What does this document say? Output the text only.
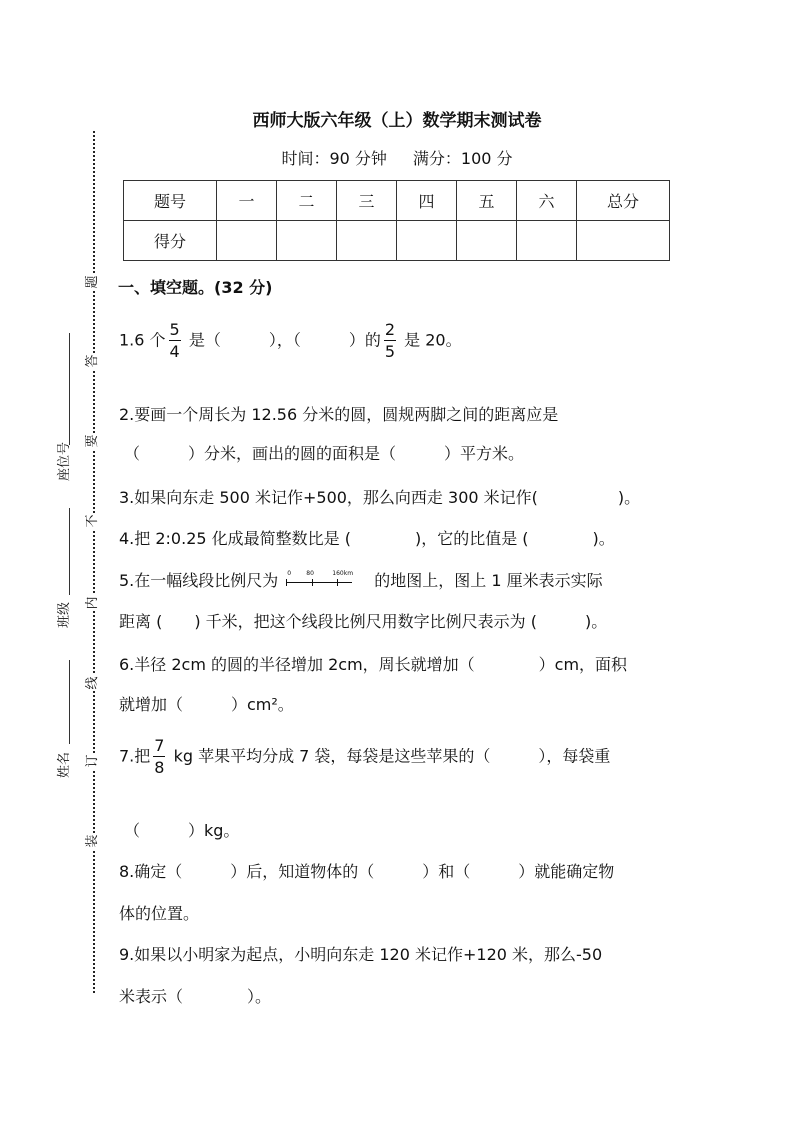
题
答
要
不
内
线
订
装
座位号
班级
姓名
西师大版六年级（上）数学期末测试卷
时间：90 分钟 满分：100 分
题号	一	二	三	四	五	六	总分
得分							
一、填空题。(32 分)
1.6 个 $\frac{5}{4}$ 是（　　　），（　　　）的 $\frac{2}{5}$ 是 20。
2.要画一个周长为 12.56 分米的圆，圆规两脚之间的距离应是
（　　　）分米，画出的圆的面积是（　　　）平方米。
3.如果向东走 500 米记作+500，那么向西走 300 米记作(　　　　　)。
4.把 2:0.25 化成最简整数比是 (　　　　)，它的比值是 (　　　　)。
5.在一幅线段比例尺为 0	80	160km 的地图上，图上 1 厘米表示实际
距离 (　　) 千米，把这个线段比例尺用数字比例尺表示为 (　　　)。
6.半径 2cm 的圆的半径增加 2cm，周长就增加（　　　　）cm，面积
就增加（　　　）cm²。
7.把 $\frac{7}{8}$ kg 苹果平均分成 7 袋，每袋是这些苹果的（　　　），每袋重
（　　　）kg。
8.确定（　　　）后，知道物体的（　　　）和（　　　）就能确定物
体的位置。
9.如果以小明家为起点，小明向东走 120 米记作+120 米，那么-50
米表示（　　　　）。
